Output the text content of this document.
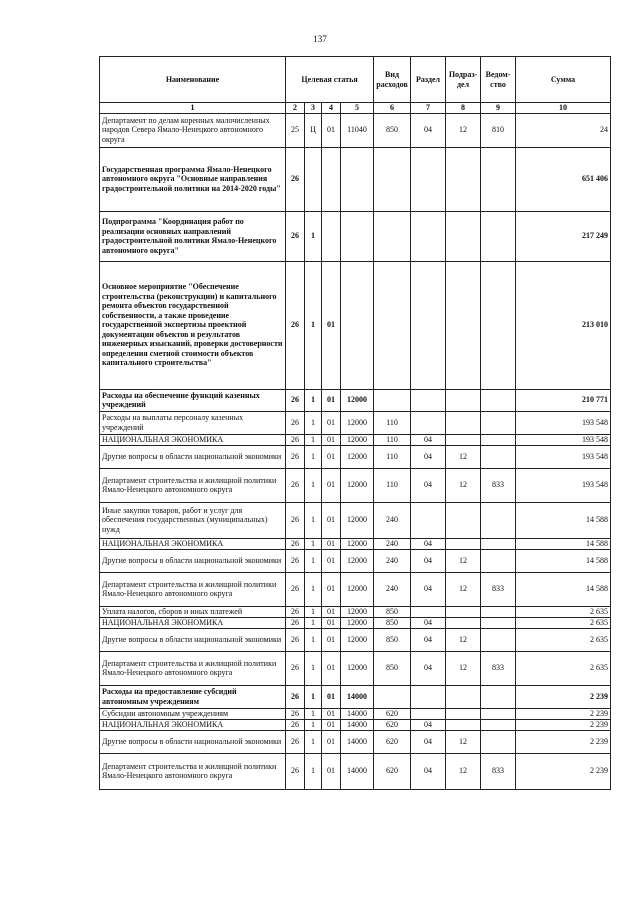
137
Наименование	Целевая статья				Вид расходов	Раздел	Подраз-дел	Ведом-ство	Сумма
1	2	3	4	5	6	7	8	9	10
Департамент по делам коренных малочисленных народов Севера Ямало-Ненецкого автономного округа	25	Ц	01	11040	850	04	12	810	24
Государственная программа Ямало-Ненецкого автономного округа "Основные направления градостроительной политики на 2014-2020 годы"	26								651 406
Подпрограмма "Координация работ по реализации основных направлений градостроительной политики Ямало-Ненецкого автономного округа"	26	1							217 249
Основное мероприятие "Обеспечение строительства (реконструкции) и капитального ремонта объектов государственной собственности, а также проведение государственной экспертизы проектной документации объектов и результатов инженерных изысканий, проверки достоверности определения сметной стоимости объектов капитального строительства"	26	1	01						213 010
Расходы на обеспечение функций казенных учреждений	26	1	01	12000					210 771
Расходы на выплаты персоналу казенных учреждений	26	1	01	12000	110				193 548
НАЦИОНАЛЬНАЯ ЭКОНОМИКА	26	1	01	12000	110	04			193 548
Другие вопросы в области национальной экономики	26	1	01	12000	110	04	12		193 548
Департамент строительства и жилищной политики Ямало-Ненецкого автономного округа	26	1	01	12000	110	04	12	833	193 548
Иные закупки товаров, работ и услуг для обеспечения государственных (муниципальных) нужд	26	1	01	12000	240				14 588
НАЦИОНАЛЬНАЯ ЭКОНОМИКА	26	1	01	12000	240	04			14 588
Другие вопросы в области национальной экономики	26	1	01	12000	240	04	12		14 588
Департамент строительства и жилищной политики Ямало-Ненецкого автономного округа	26	1	01	12000	240	04	12	833	14 588
Уплата налогов, сборов и иных платежей	26	1	01	12000	850				2 635
НАЦИОНАЛЬНАЯ ЭКОНОМИКА	26	1	01	12000	850	04			2 635
Другие вопросы в области национальной экономики	26	1	01	12000	850	04	12		2 635
Департамент строительства и жилищной политики Ямало-Ненецкого автономного округа	26	1	01	12000	850	04	12	833	2 635
Расходы на предоставление субсидий автономным учреждениям	26	1	01	14000					2 239
Субсидии автономным учреждениям	26	1	01	14000	620				2 239
НАЦИОНАЛЬНАЯ ЭКОНОМИКА	26	1	01	14000	620	04			2 239
Другие вопросы в области национальной экономики	26	1	01	14000	620	04	12		2 239
Департамент строительства и жилищной политики Ямало-Ненецкого автономного округа	26	1	01	14000	620	04	12	833	2 239
